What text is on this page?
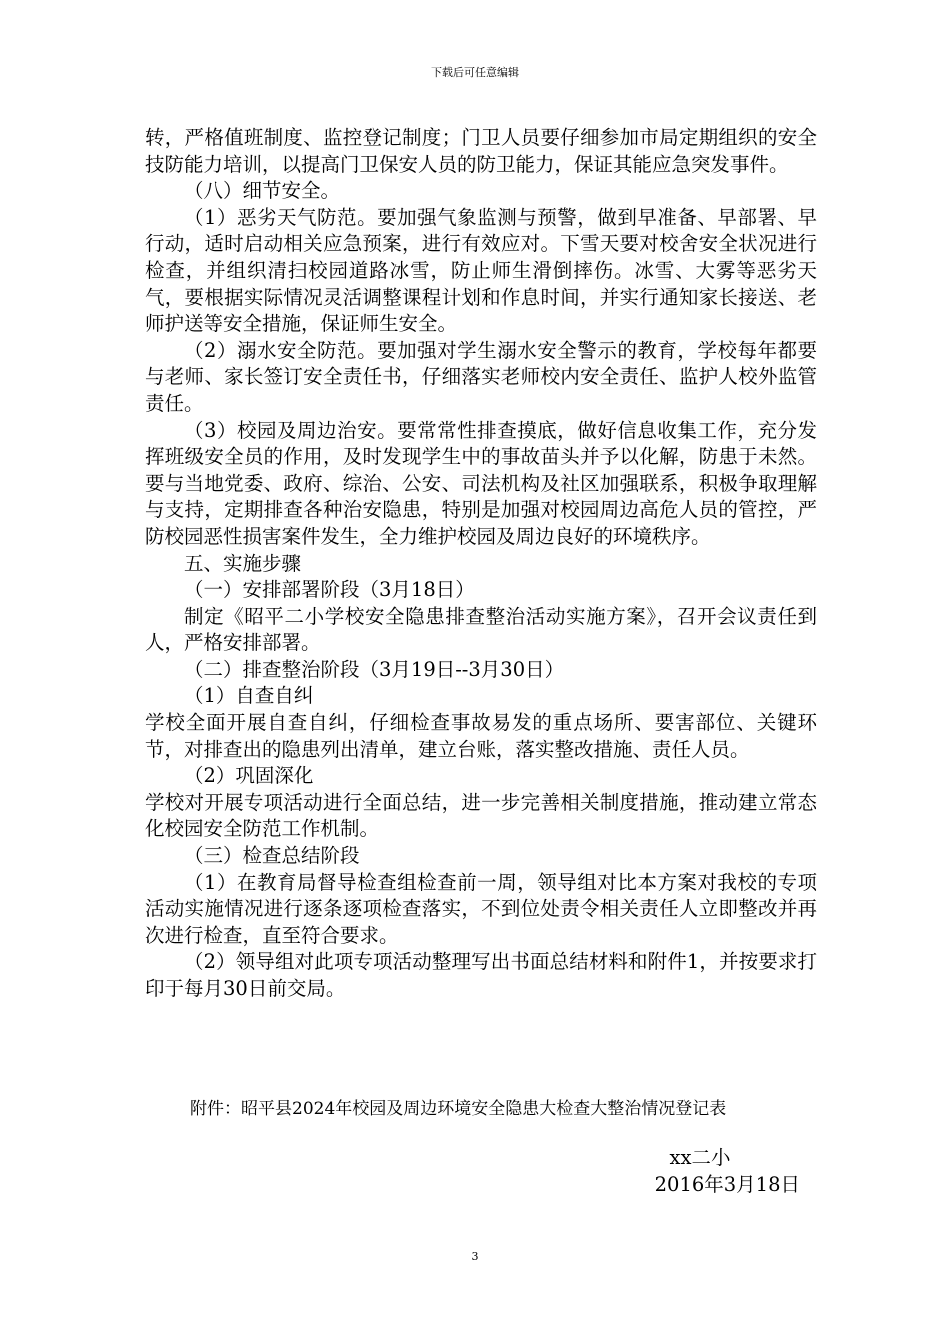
下载后可任意编辑

转，严格值班制度、监控登记制度；门卫人员要仔细参加市局定期组织的安全技防能力培训，以提高门卫保安人员的防卫能力，保证其能应急突发事件。

（八）细节安全。

（1）恶劣天气防范。要加强气象监测与预警，做到早准备、早部署、早行动，适时启动相关应急预案，进行有效应对。下雪天要对校舍安全状况进行检查，并组织清扫校园道路冰雪，防止师生滑倒摔伤。冰雪、大雾等恶劣天气，要根据实际情况灵活调整课程计划和作息时间，并实行通知家长接送、老师护送等安全措施，保证师生安全。

（2）溺水安全防范。要加强对学生溺水安全警示的教育，学校每年都要与老师、家长签订安全责任书，仔细落实老师校内安全责任、监护人校外监管责任。

（3）校园及周边治安。要常常性排查摸底，做好信息收集工作，充分发挥班级安全员的作用，及时发现学生中的事故苗头并予以化解，防患于未然。要与当地党委、政府、综治、公安、司法机构及社区加强联系，积极争取理解与支持，定期排查各种治安隐患，特别是加强对校园周边高危人员的管控，严防校园恶性损害案件发生，全力维护校园及周边良好的环境秩序。

五、实施步骤

（一）安排部署阶段（3月18日）

制定《昭平二小学校安全隐患排查整治活动实施方案》，召开会议责任到人，严格安排部署。

（二）排查整治阶段（3月19日--3月30日）

（1）自查自纠

学校全面开展自查自纠，仔细检查事故易发的重点场所、要害部位、关键环节，对排查出的隐患列出清单，建立台账，落实整改措施、责任人员。

（2）巩固深化

学校对开展专项活动进行全面总结，进一步完善相关制度措施，推动建立常态化校园安全防范工作机制。

（三）检查总结阶段

（1）在教育局督导检查组检查前一周，领导组对比本方案对我校的专项活动实施情况进行逐条逐项检查落实，不到位处责令相关责任人立即整改并再次进行检查，直至符合要求。

（2）领导组对此项专项活动整理写出书面总结材料和附件1，并按要求打印于每月30日前交局。

附件：昭平县2024年校园及周边环境安全隐患大检查大整治情况登记表
xx二小
2016年3月18日
3
